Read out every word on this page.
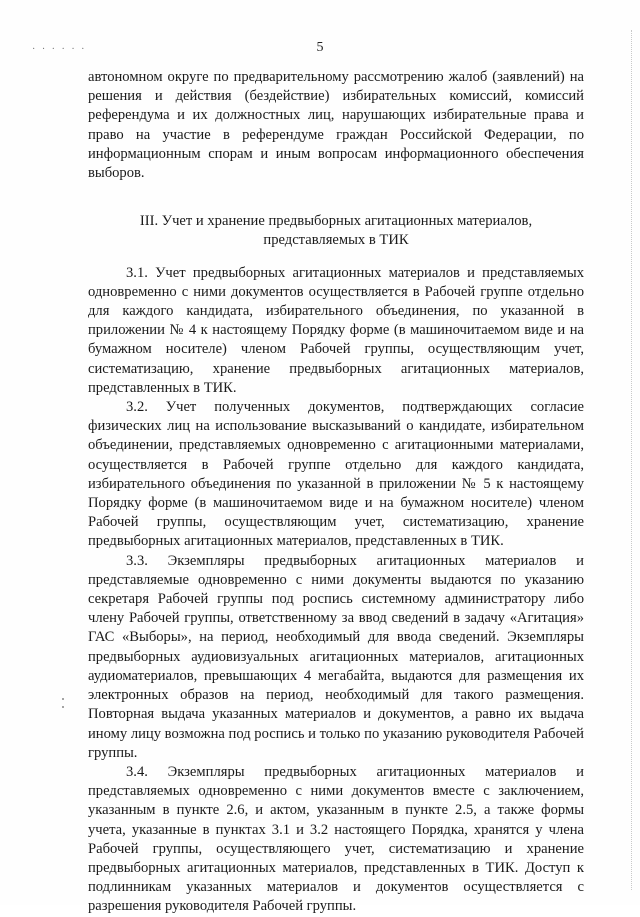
· · · · · ·	5

автономном округе по предварительному рассмотрению жалоб (заявлений) на решения и действия (бездействие) избирательных комиссий, комиссий референдума и их должностных лиц, нарушающих избирательные права и право на участие в референдуме граждан Российской Федерации, по информационным спорам и иным вопросам информационного обеспечения выборов.

III. Учет и хранение предвыборных агитационных материалов, представляемых в ТИК

3.1. Учет предвыборных агитационных материалов и представляемых одновременно с ними документов осуществляется в Рабочей группе отдельно для каждого кандидата, избирательного объединения, по указанной в приложении № 4 к настоящему Порядку форме (в машиночитаемом виде и на бумажном носителе) членом Рабочей группы, осуществляющим учет, систематизацию, хранение предвыборных агитационных материалов, представленных в ТИК.

3.2. Учет полученных документов, подтверждающих согласие физических лиц на использование высказываний о кандидате, избирательном объединении, представляемых одновременно с агитационными материалами, осуществляется в Рабочей группе отдельно для каждого кандидата, избирательного объединения по указанной в приложении № 5 к настоящему Порядку форме (в машиночитаемом виде и на бумажном носителе) членом Рабочей группы, осуществляющим учет, систематизацию, хранение предвыборных агитационных материалов, представленных в ТИК.

3.3. Экземпляры предвыборных агитационных материалов и представляемые одновременно с ними документы выдаются по указанию секретаря Рабочей группы под роспись системному администратору либо члену Рабочей группы, ответственному за ввод сведений в задачу «Агитация» ГАС «Выборы», на период, необходимый для ввода сведений. Экземпляры предвыборных аудиовизуальных агитационных материалов, агитационных аудиоматериалов, превышающих 4 мегабайта, выдаются для размещения их электронных образов на период, необходимый для такого размещения. Повторная выдача указанных материалов и документов, а равно их выдача иному лицу возможна под роспись и только по указанию руководителя Рабочей группы.

3.4. Экземпляры предвыборных агитационных материалов и представляемых одновременно с ними документов вместе с заключением, указанным в пункте 2.6, и актом, указанным в пункте 2.5, а также формы учета, указанные в пунктах 3.1 и 3.2 настоящего Порядка, хранятся у члена Рабочей группы, осуществляющего учет, систематизацию и хранение предвыборных агитационных материалов, представленных в ТИК. Доступ к подлинникам указанных материалов и документов осуществляется с разрешения руководителя Рабочей группы.
